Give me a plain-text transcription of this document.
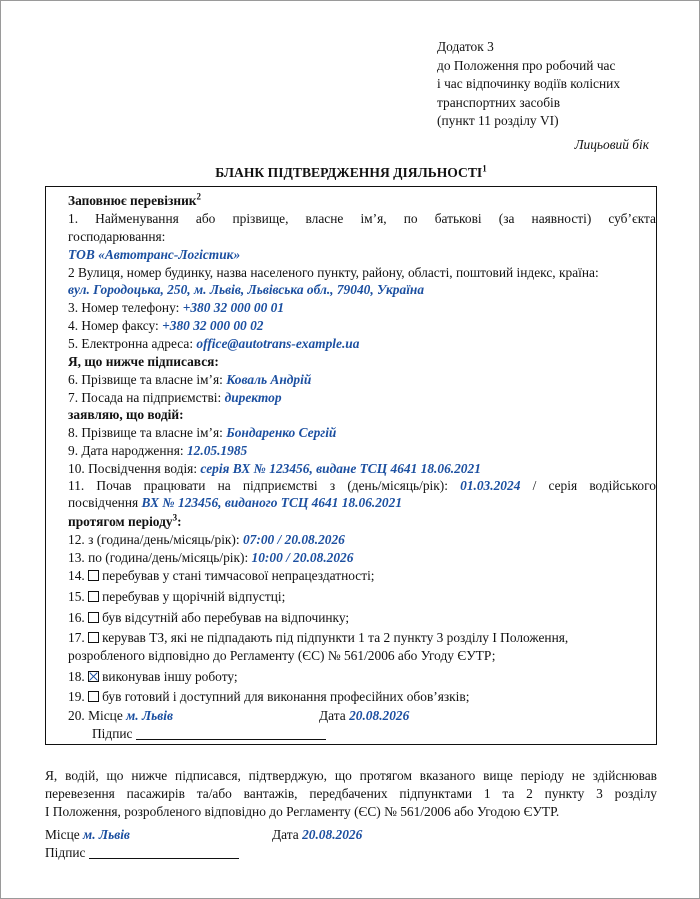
Додаток 3
до Положення про робочий час
і час відпочинку водіїв колісних
транспортних засобів
(пункт 11 розділу VI)
Лицьовий бік
БЛАНК ПІДТВЕРДЖЕННЯ ДІЯЛЬНОСТІ$^1$
Заповнює перевізник$^2$
1. Найменування або прізвище, власне ім’я, по батькові (за наявності) суб’єкта
господарювання:
ТОВ «Автотранс-Логістик»
2 Вулиця, номер будинку, назва населеного пункту, району, області, поштовий індекс, країна:
вул. Городоцька, 250, м. Львів, Львівська обл., 79040, Україна
3. Номер телефону: +380 32 000 00 01
4. Номер факсу: +380 32 000 00 02
5. Електронна адреса: office@autotrans-example.ua
Я, що нижче підписався:
6. Прізвище та власне ім’я: Коваль Андрій
7. Посада на підприємстві: директор
заявляю, що водій:
8. Прізвище та власне ім’я: Бондаренко Сергій
9. Дата народження: 12.05.1985
10. Посвідчення водія: серія ВХ № 123456, видане ТСЦ 4641 18.06.2021
11. Почав працювати на підприємстві з (день/місяць/рік): 01.03.2024 / серія водійського
посвідчення ВХ № 123456, виданого ТСЦ 4641 18.06.2021
протягом періоду$^3$:
12. з (година/день/місяць/рік): 07:00 / 20.08.2026
13. по (година/день/місяць/рік): 10:00 / 20.08.2026
14. перебував у стані тимчасової непрацездатності;
15. перебував у щорічній відпустці;
16. був відсутній або перебував на відпочинку;
17. керував ТЗ, які не підпадають під підпункти 1 та 2 пункту 3 розділу I Положення,
розробленого відповідно до Регламенту (ЄС) № 561/2006 або Угоду ЄУТР;
18. виконував іншу роботу;
19. був готовий і доступний для виконання професійних обов’язків;
20. Місце м. Львів	Дата 20.08.2026
Підпис
Я, водій, що нижче підписався, підтверджую, що протягом вказаного вище періоду не здійснював
перевезення пасажирів та/або вантажів, передбачених підпунктами 1 та 2 пункту 3 розділу
I Положення, розробленого відповідно до Регламенту (ЄС) № 561/2006 або Угодою ЄУТР.
Місце м. Львів	Дата 20.08.2026
Підпис
